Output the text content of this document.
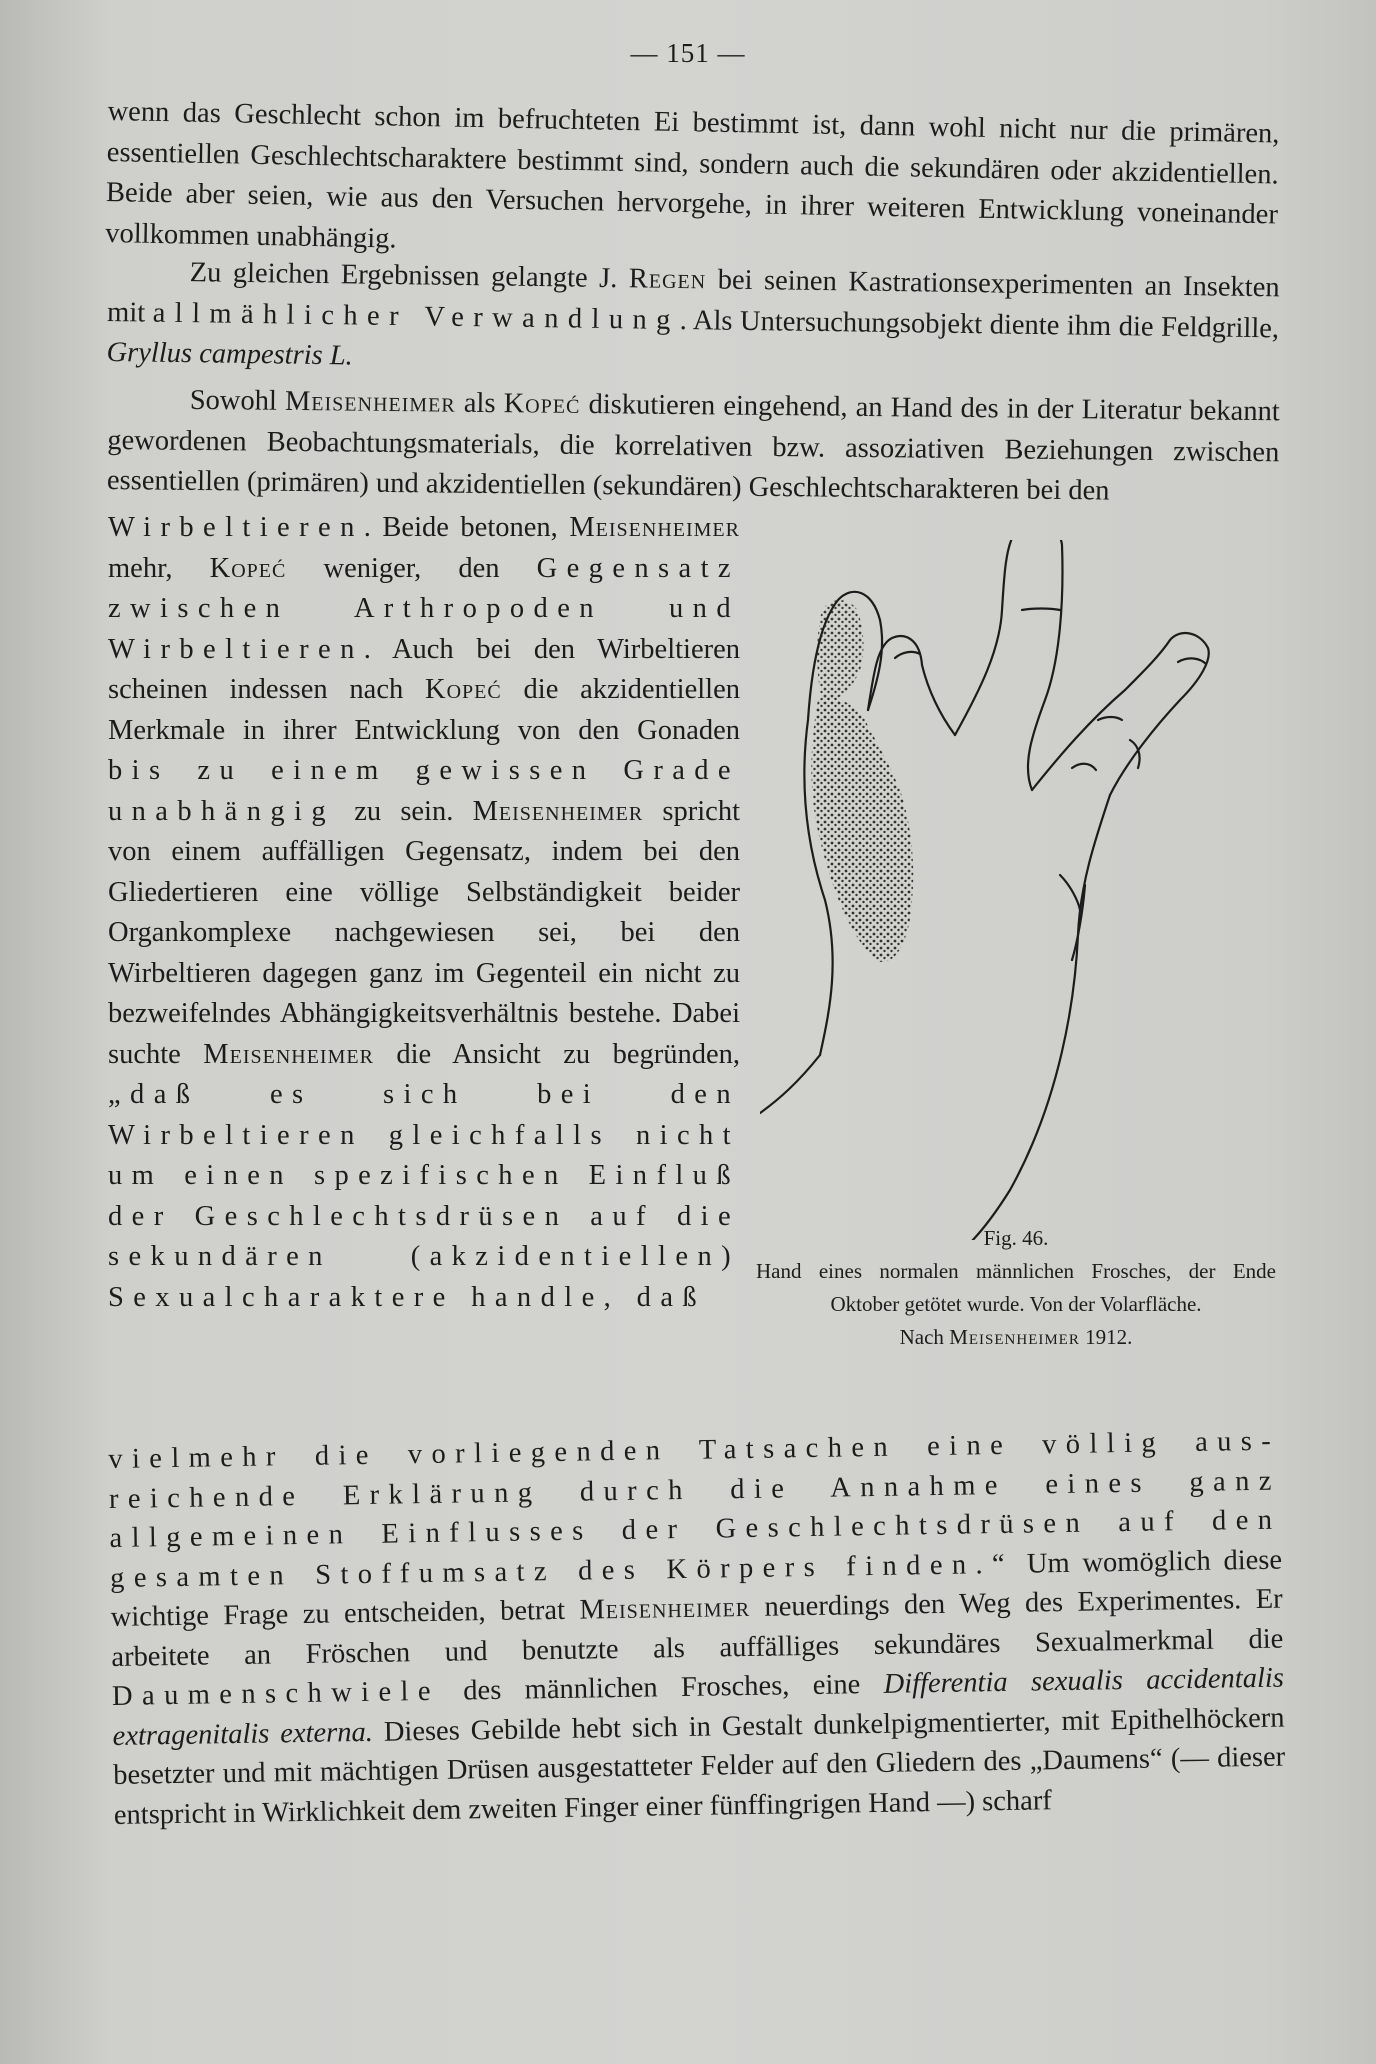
— 151 —

wenn das Geschlecht schon im befruchteten Ei bestimmt ist, dann wohl nicht nur die primären, essentiellen Geschlechtscharaktere bestimmt sind, sondern auch die sekundären oder akzidentiellen. Beide aber seien, wie aus den Versuchen hervorgehe, in ihrer weiteren Entwicklung voneinander vollkommen unabhängig.

Zu gleichen Ergebnissen gelangte J. Regen bei seinen Kastrationsexperimenten an Insekten mit allmählicher Verwandlung. Als Untersuchungsobjekt diente ihm die Feldgrille, Gryllus campestris L.

Sowohl Meisenheimer als Kopeć diskutieren eingehend, an Hand des in der Literatur bekannt gewordenen Beobachtungsmaterials, die korrelativen bzw. assoziativen Beziehungen zwischen essentiellen (primären) und akzidentiellen (sekundären) Geschlechtscharakteren bei den

Wirbeltieren. Beide betonen, Meisenheimer mehr, Kopeć weniger, den Gegensatz zwischen Arthropoden und Wirbeltieren. Auch bei den Wirbeltieren scheinen indessen nach Kopeć die akzidentiellen Merkmale in ihrer Entwicklung von den Gonaden bis zu einem gewissen Grade unabhängig zu sein. Meisenheimer spricht von einem auffälligen Gegensatz, indem bei den Gliedertieren eine völlige Selbständigkeit beider Organkomplexe nachgewiesen sei, bei den Wirbeltieren dagegen ganz im Gegenteil ein nicht zu bezweifelndes Abhängigkeitsverhältnis bestehe. Dabei suchte Meisenheimer die Ansicht zu begründen, „daß es sich bei den Wirbeltieren gleichfalls nicht um einen spezifischen Einfluß der Geschlechtsdrüsen auf die sekundären (akzidentiellen) Sexualcharaktere handle, daß

vielmehr die vorliegenden Tatsachen eine völlig aus-reichende Erklärung durch die Annahme eines ganz allgemeinen Einflusses der Geschlechtsdrüsen auf den gesamten Stoffumsatz des Körpers finden.“ Um womöglich diese wichtige Frage zu entscheiden, betrat Meisenheimer neuerdings den Weg des Experimentes. Er arbeitete an Fröschen und benutzte als auffälliges sekundäres Sexualmerkmal die Daumenschwiele des männlichen Frosches, eine Differentia sexualis accidentalis extragenitalis externa. Dieses Gebilde hebt sich in Gestalt dunkelpigmentierter, mit Epithelhöckern besetzter und mit mächtigen Drüsen ausgestatteter Felder auf den Gliedern des „Daumens“ (— dieser entspricht in Wirklichkeit dem zweiten Finger einer fünffingrigen Hand —) scharf

Fig. 46.
Hand eines normalen männlichen Frosches, der Ende Oktober getötet wurde. Von der Volarfläche.
Nach Meisenheimer 1912.
